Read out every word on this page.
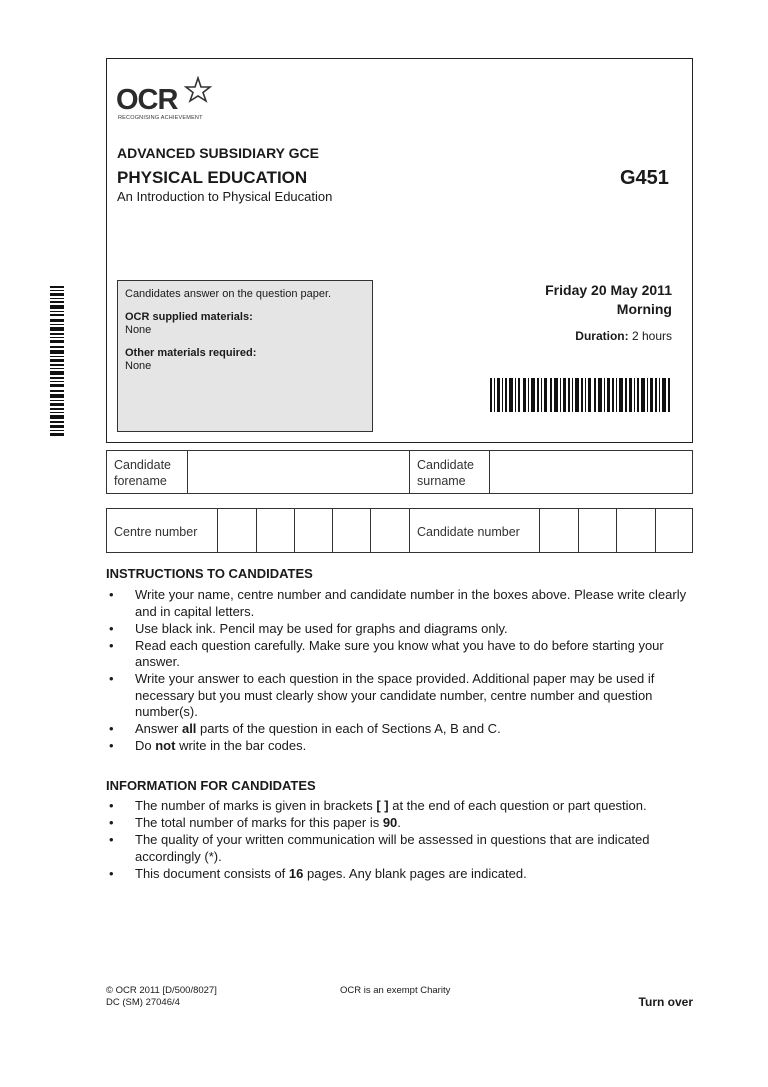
OCR
RECOGNISING ACHIEVEMENT
ADVANCED SUBSIDIARY GCE
PHYSICAL EDUCATION	G451
An Introduction to Physical Education
Candidates answer on the question paper.
OCR supplied materials:
None
Other materials required:
None
Friday 20 May 2011
Morning
Duration: 2 hours
Candidate
forename
Candidate
surname
Centre number	Candidate number
INSTRUCTIONS TO CANDIDATES
• Write your name, centre number and candidate number in the boxes above. Please write clearly and in capital letters.
• Use black ink. Pencil may be used for graphs and diagrams only.
• Read each question carefully. Make sure you know what you have to do before starting your answer.
• Write your answer to each question in the space provided. Additional paper may be used if necessary but you must clearly show your candidate number, centre number and question number(s).
• Answer all parts of the question in each of Sections A, B and C.
• Do not write in the bar codes.
INFORMATION FOR CANDIDATES
• The number of marks is given in brackets [ ] at the end of each question or part question.
• The total number of marks for this paper is 90.
• The quality of your written communication will be assessed in questions that are indicated accordingly (*).
• This document consists of 16 pages. Any blank pages are indicated.
© OCR 2011 [D/500/8027]
DC (SM) 27046/4
OCR is an exempt Charity
Turn over
